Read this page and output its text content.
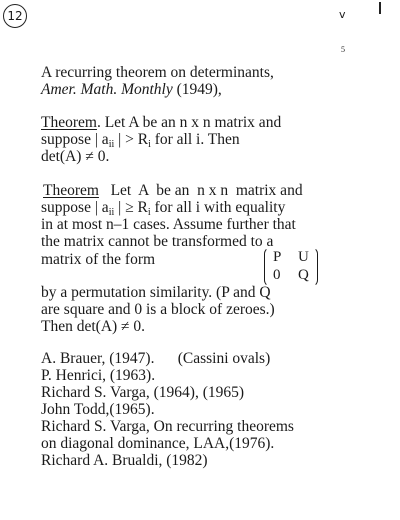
12	v
5
A recurring theorem on determinants,
Amer. Math. Monthly (1949),
Theorem. Let A be an n x n matrix and
suppose | $a_{ii}$ | > $R_i$ for all i. Then
det(A) ≠ 0.
Theorem   Let  A  be an  n x n  matrix and
suppose | $a_{ii}$ | ≥ $R_i$ for all i with equality
in at most n–1 cases. Assume further that
the matrix cannot be transformed to a
matrix of the form	P U
0 Q
by a permutation similarity. (P and Q
are square and 0 is a block of zeroes.)
Then det(A) ≠ 0.
A. Brauer, (1947).      (Cassini ovals)
P. Henrici, (1963).
Richard S. Varga, (1964), (1965)
John Todd,(1965).
Richard S. Varga, On recurring theorems
on diagonal dominance, LAA,(1976).
Richard A. Brualdi, (1982)
